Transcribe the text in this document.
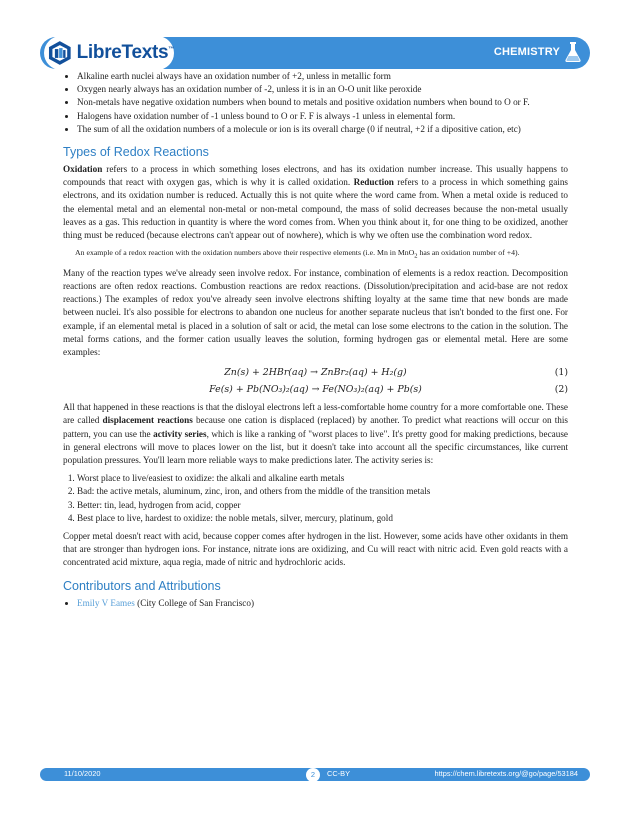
LibreTexts™	CHEMISTRY
• Alkaline earth nuclei always have an oxidation number of +2, unless in metallic form
• Oxygen nearly always has an oxidation number of -2, unless it is in an O-O unit like peroxide
• Non-metals have negative oxidation numbers when bound to metals and positive oxidation numbers when bound to O or F.
• Halogens have oxidation number of -1 unless bound to O or F. F is always -1 unless in elemental form.
• The sum of all the oxidation numbers of a molecule or ion is its overall charge (0 if neutral, +2 if a dipositive cation, etc)
Types of Redox Reactions

Oxidation refers to a process in which something loses electrons, and has its oxidation number increase. This usually happens to compounds that react with oxygen gas, which is why it is called oxidation. Reduction refers to a process in which something gains electrons, and its oxidation number is reduced. Actually this is not quite where the word came from. When a metal oxide is reduced to the elemental metal and an elemental non-metal or non-metal compound, the mass of solid decreases because the non-metal usually leaves as a gas. This reduction in quantity is where the word comes from. When you think about it, for one thing to be oxidized, another thing must be reduced (because electrons can't appear out of nowhere), which is why we often use the combination word redox.

An example of a redox reaction with the oxidation numbers above their respective elements (i.e. Mn in MnO$_2$ has an oxidation number of +4).

Many of the reaction types we've already seen involve redox. For instance, combination of elements is a redox reaction. Decomposition reactions are often redox reactions. Combustion reactions are redox reactions. (Dissolution/precipitation and acid-base are not redox reactions.) The examples of redox you've already seen involve electrons shifting loyalty at the same time that new bonds are made between nuclei. It's also possible for electrons to abandon one nucleus for another separate nucleus that isn't bonded to the first one. For example, if an elemental metal is placed in a solution of salt or acid, the metal can lose some electrons to the cation in the solution. The metal forms cations, and the former cation usually leaves the solution, forming hydrogen gas or elemental metal. Here are some examples:

Zn(s) + 2HBr(aq) → ZnBr₂(aq) + H₂(g)	(1)
Fe(s) + Pb(NO₃)₂(aq) → Fe(NO₃)₂(aq) + Pb(s)	(2)

All that happened in these reactions is that the disloyal electrons left a less-comfortable home country for a more comfortable one. These are called displacement reactions because one cation is displaced (replaced) by another. To predict what reactions will occur on this pattern, you can use the activity series, which is like a ranking of "worst places to live". It's pretty good for making predictions, because in general electrons will move to places lower on the list, but it doesn't take into account all the specific circumstances, like current population pressures. You'll learn more reliable ways to make predictions later. The activity series is:

1. Worst place to live/easiest to oxidize: the alkali and alkaline earth metals
2. Bad: the active metals, aluminum, zinc, iron, and others from the middle of the transition metals
3. Better: tin, lead, hydrogen from acid, copper
4. Best place to live, hardest to oxidize: the noble metals, silver, mercury, platinum, gold

Copper metal doesn't react with acid, because copper comes after hydrogen in the list. However, some acids have other oxidants in them that are stronger than hydrogen ions. For instance, nitrate ions are oxidizing, and Cu will react with nitric acid. Even gold reacts with a concentrated acid mixture, aqua regia, made of nitric and hydrochloric acids.

Contributors and Attributions
• Emily V Eames (City College of San Francisco)
11/10/2020	2	CC-BY	https://chem.libretexts.org/@go/page/53184
